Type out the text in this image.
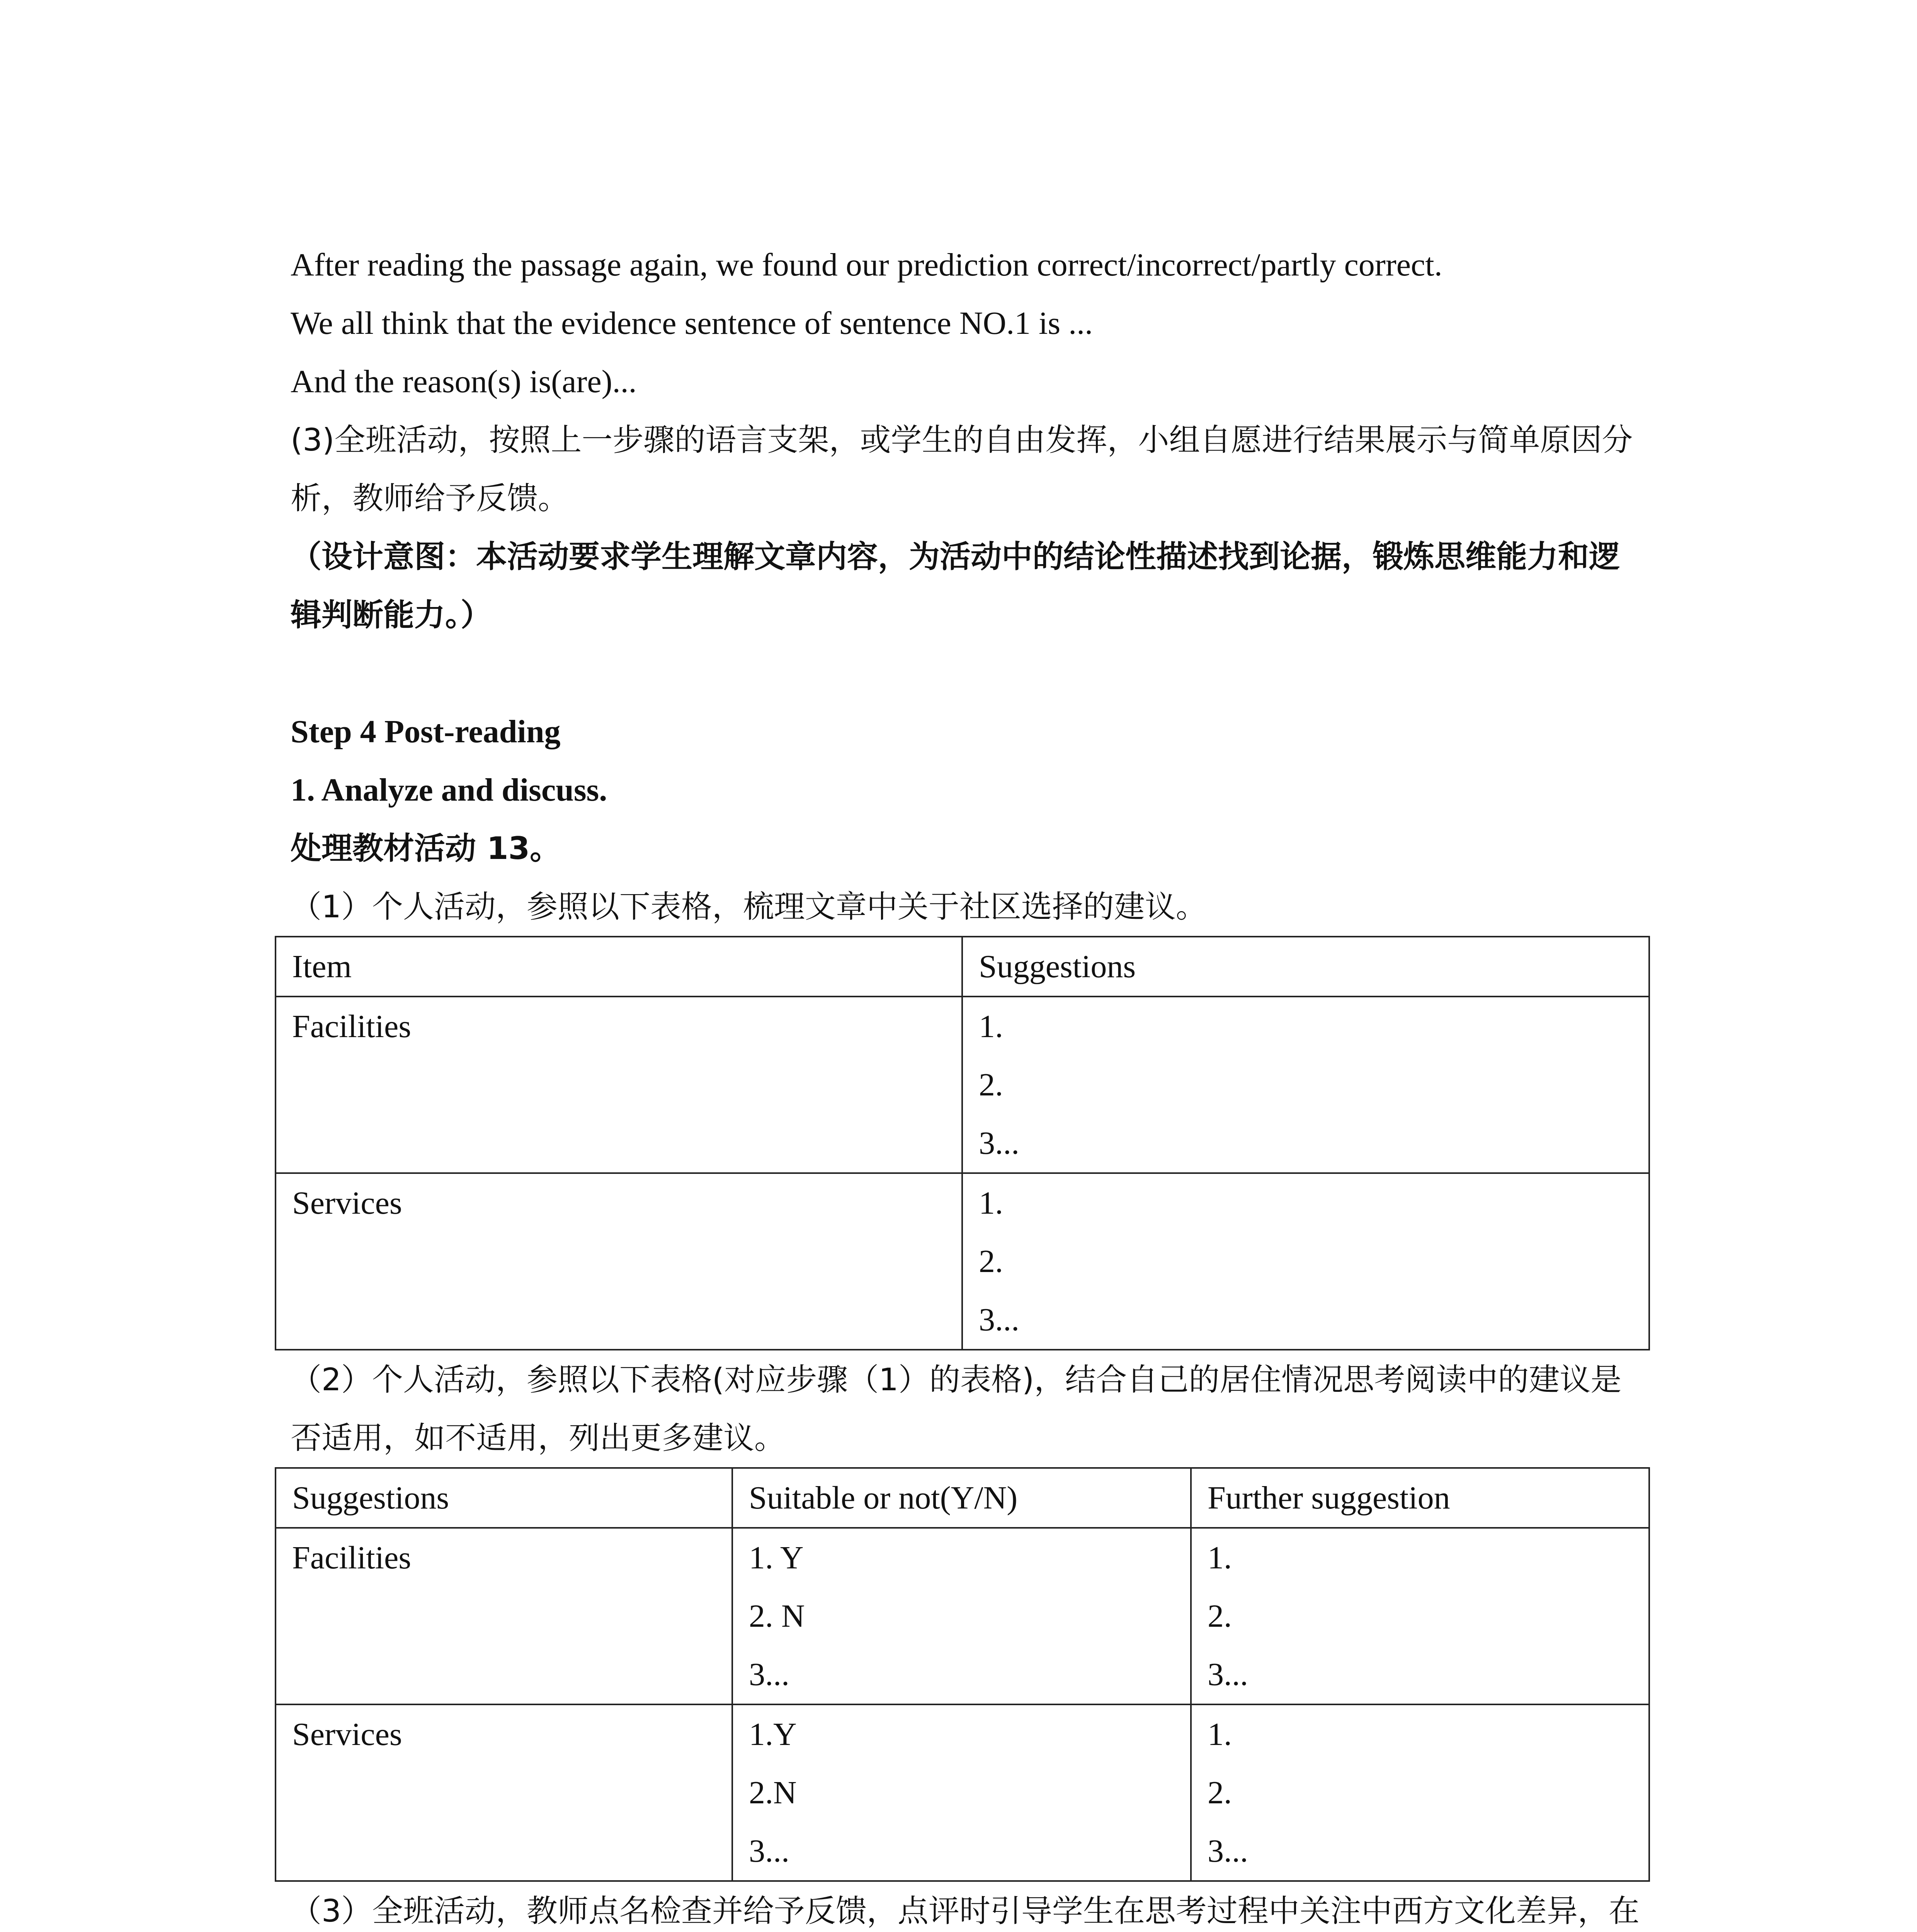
After reading the passage again, we found our prediction correct/incorrect/partly correct.
We all think that the evidence sentence of sentence NO.1 is ...
And the reason(s) is(are)...
(3)全班活动，按照上一步骤的语言支架，或学生的自由发挥，小组自愿进行结果展示与简单原因分析，教师给予反馈。
（设计意图：本活动要求学生理解文章内容，为活动中的结论性描述找到论据，锻炼思维能力和逻辑判断能力。）
Step 4 Post-reading
1. Analyze and discuss.
处理教材活动 13。
（1）个人活动，参照以下表格，梳理文章中关于社区选择的建议。
Item	Suggestions

Facilities	1.
2.
3...

Services	1.
2.
3...
（2）个人活动，参照以下表格(对应步骤（1）的表格)，结合自己的居住情况思考阅读中的建议是否适用，如不适用，列出更多建议。
Suggestions	Suitable or not(Y/N)	Further suggestion

Facilities	1. Y
2. N
3...	1.
2.
3...

Services	1.Y
2.N
3...	1.
2.
3...
（3）全班活动，教师点名检查并给予反馈，点评时引导学生在思考过程中关注中西方文化差异，在
